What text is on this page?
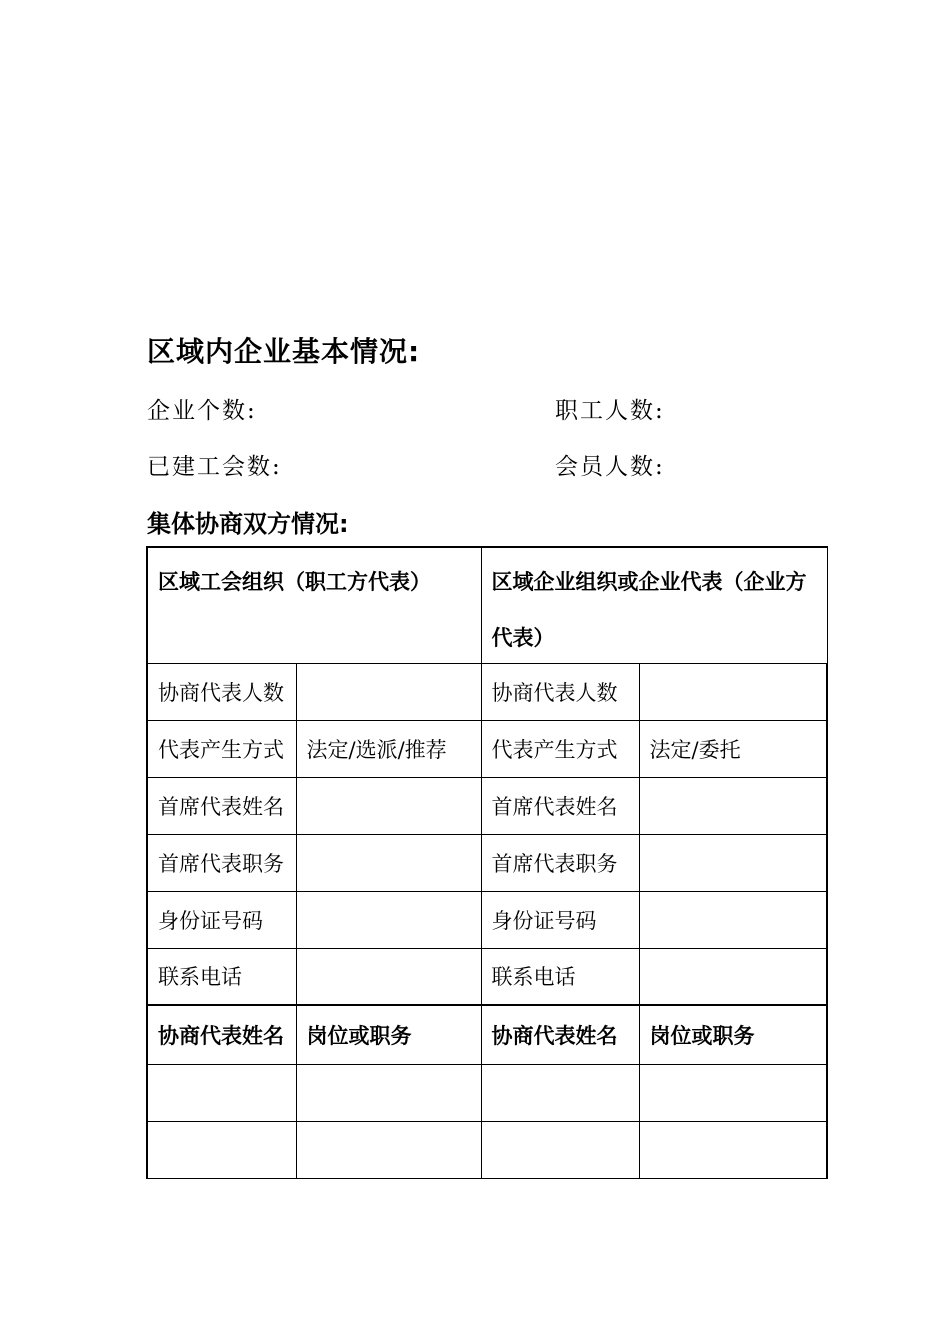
区域内企业基本情况:
企业个数:	职工人数:
已建工会数:	会员人数:
集体协商双方情况:
区域工会组织（职工方代表）		区域企业组织或企业代表（企业方
代表）	

协商代表人数		协商代表人数	
代表产生方式	法定/选派/推荐	代表产生方式	法定/委托
首席代表姓名		首席代表姓名	
首席代表职务		首席代表职务	
身份证号码		身份证号码	
联系电话		联系电话	
协商代表姓名	岗位或职务	协商代表姓名	岗位或职务
